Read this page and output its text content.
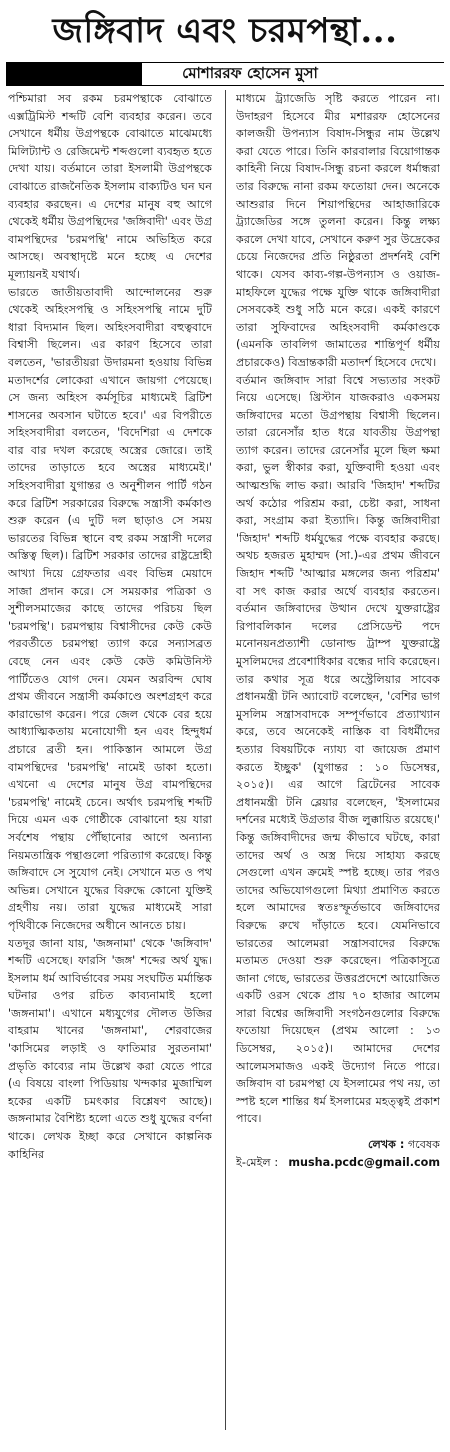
জঙ্গিবাদ এবং চরমপন্থা...
মোশাররফ হোসেন মুসা

পশ্চিমারা সব রকম চরমপন্থাকে বোঝাতে এক্সট্রিমিস্ট শব্দটি বেশি ব্যবহার করেন। তবে সেখানে ধর্মীয় উগ্রপন্থকে বোঝাতে মাঝেমধ্যে মিলিট্যান্ট ও রেজিমেন্ট শব্দগুলো ব্যবহৃত হতে দেখা যায়। বর্তমানে তারা ইসলামী উগ্রপন্থকে বোঝাতে রাজনৈতিক ইসলাম বাক্যটিও ঘন ঘন ব্যবহার করছেন। এ দেশের মানুষ বহু আগে থেকেই ধর্মীয় উগ্রপন্থিদের 'জঙ্গিবাদী' এবং উগ্র বামপন্থিদের 'চরমপন্থি' নামে অভিহিত করে আসছে। অবস্থাদৃষ্টে মনে হচ্ছে এ দেশের মূল্যায়নই যথার্থ।

ভারতে জাতীয়তাবাদী আন্দোলনের শুরু থেকেই অহিংসপন্থি ও সহিংসপন্থি নামে দুটি ধারা বিদ্যমান ছিল। অহিংসবাদীরা বহুত্ববাদে বিশ্বাসী ছিলেন। এর কারণ হিসেবে তারা বলতেন, 'ভারতীয়রা উদারমনা হওয়ায় বিভিন্ন মতাদর্শের লোকেরা এখানে জায়গা পেয়েছে। সে জন্য অহিংস কর্মসূচির মাধ্যমেই ব্রিটিশ শাসনের অবসান ঘটাতে হবে।' এর বিপরীতে সহিংসবাদীরা বলতেন, 'বিদেশিরা এ দেশকে বার বার দখল করেছে অস্ত্রের জোরে। তাই তাদের তাড়াতে হবে অস্ত্রের মাধ্যমেই।' সহিংসবাদীরা যুগান্তর ও অনুশীলন পার্টি গঠন করে ব্রিটিশ সরকারের বিরুদ্ধে সন্ত্রাসী কর্মকাণ্ড শুরু করেন (এ দুটি দল ছাড়াও সে সময় ভারতের বিভিন্ন স্থানে বহু রকম সন্ত্রাসী দলের অস্তিত্ব ছিল)। ব্রিটিশ সরকার তাদের রাষ্ট্রদ্রোহী আখ্যা দিয়ে গ্রেফতার এবং বিভিন্ন মেয়াদে সাজা প্রদান করে। সে সময়কার পত্রিকা ও সুশীলসমাজের কাছে তাদের পরিচয় ছিল 'চরমপন্থি'। চরমপন্থায় বিশ্বাসীদের কেউ কেউ পরবর্তীতে চরমপন্থা ত্যাগ করে সন্যাসব্রত বেছে নেন এবং কেউ কেউ কমিউনিস্ট পার্টিতেও যোগ দেন। যেমন অরবিন্দ ঘোষ প্রথম জীবনে সন্ত্রাসী কর্মকাণ্ডে অংশগ্রহণ করে কারাভোগ করেন। পরে জেল থেকে বের হয়ে আধ্যাত্মিকতায় মনোযোগী হন এবং হিন্দুধর্ম প্রচারে ব্রতী হন। পাকিস্তান আমলে উগ্র বামপন্থিদের 'চরমপন্থি' নামেই ডাকা হতো। এখনো এ দেশের মানুষ উগ্র বামপন্থিদের 'চরমপন্থি' নামেই চেনে। অর্থাৎ চরমপন্থি শব্দটি দিয়ে এমন এক গোষ্ঠীকে বোঝানো হয় যারা সর্বশেষ পন্থায় পৌঁছানোর আগে অন্যান্য নিয়মতান্ত্রিক পন্থাগুলো পরিত্যাগ করেছে। কিন্তু জঙ্গিবাদে সে সুযোগ নেই। সেখানে মত ও পথ অভিন্ন। সেখানে যুদ্ধের বিরুদ্ধে কোনো যুক্তিই গ্রহণীয় নয়। তারা যুদ্ধের মাধ্যমেই সারা পৃথিবীকে নিজেদের অধীনে আনতে চায়।

যতদূর জানা যায়, 'জঙ্গনামা' থেকে 'জঙ্গিবাদ' শব্দটি এসেছে। ফারসি 'জঙ্গ' শব্দের অর্থ যুদ্ধ। ইসলাম ধর্ম আবির্ভাবের সময় সংঘটিত মর্মান্তিক ঘটনার ওপর রচিত কাব্যনামাই হলো 'জঙ্গনামা'। এখানে মধ্যযুগের দৌলত উজির বাহরাম খানের 'জঙ্গনামা', শেরবাজের 'কাসিমের লড়াই ও ফাতিমার সুরতনামা' প্রভৃতি কাব্যের নাম উল্লেখ করা যেতে পারে (এ বিষয়ে বাংলা পিডিয়ায় খন্দকার মুজাম্মিল হকের একটি চমৎকার বিশ্লেষণ আছে)। জঙ্গনামার বৈশিষ্ট্য হলো এতে শুধু যুদ্ধের বর্ণনা থাকে। লেখক ইচ্ছা করে সেখানে কাল্পনিক কাহিনির

মাধ্যমে ট্র্যাজেডি সৃষ্টি করতে পারেন না। উদাহরণ হিসেবে মীর মশাররফ হোসেনের কালজয়ী উপন্যাস বিষাদ-সিন্ধুর নাম উল্লেখ করা যেতে পারে। তিনি কারবালার বিয়োগান্তক কাহিনী নিয়ে বিষাদ-সিন্ধু রচনা করলে ধর্মান্ধরা তার বিরুদ্ধে নানা রকম ফতোয়া দেন। অনেকে আশুরার দিনে শিয়াপন্থিদের আহাজারিকে ট্র্যাজেডির সঙ্গে তুলনা করেন। কিন্তু লক্ষ্য করলে দেখা যাবে, সেখানে করুণ সুর উদ্রেকের চেয়ে নিজেদের প্রতি নিষ্ঠুরতা প্রদর্শনই বেশি থাকে। যেসব কাব্য-গল্প-উপন্যাস ও ওয়াজ-মাহফিলে যুদ্ধের পক্ষে যুক্তি থাকে জঙ্গিবাদীরা সেসবকেই শুধু সঠি মনে করে। একই কারণে তারা সুফিবাদের অহিংসবাদী কর্মকাণ্ডকে (এমনকি তাবলিগ জামাতের শান্তিপূর্ণ ধর্মীয় প্রচারকেও) বিভ্রান্তকারী মতাদর্শ হিসেবে দেখে।

বর্তমান জঙ্গিবাদ সারা বিশ্বে সভ্যতার সংকট নিয়ে এসেছে। খ্রিস্টান যাজকরাও একসময় জঙ্গিবাদের মতো উগ্রপন্থায় বিশ্বাসী ছিলেন। তারা রেনেসাঁর হাত ধরে যাবতীয় উগ্রপন্থা ত্যাগ করেন। তাদের রেনেসাঁর মূলে ছিল ক্ষমা করা, ভুল স্বীকার করা, যুক্তিবাদী হওয়া এবং আত্মশুদ্ধি লাভ করা। আরবি 'জিহাদ' শব্দটির অর্থ কঠোর পরিশ্রম করা, চেষ্টা করা, সাধনা করা, সংগ্রাম করা ইত্যাদি। কিন্তু জঙ্গিবাদীরা 'জিহাদ' শব্দটি ধর্মযুদ্ধের পক্ষে ব্যবহার করছে। অথচ হজরত মুহাম্মদ (সা.)-এর প্রথম জীবনে জিহাদ শব্দটি 'আত্মার মঙ্গলের জন্য পরিশ্রম' বা সৎ কাজ করার অর্থে ব্যবহার করতেন। বর্তমান জঙ্গিবাদের উত্থান দেখে যুক্তরাষ্ট্রের রিপাবলিকান দলের প্রেসিডেন্ট পদে মনোনয়নপ্রত্যাশী ডোনাল্ড ট্রাম্প যুক্তরাষ্ট্রে মুসলিমদের প্রবেশাধিকার বন্ধের দাবি করেছেন। তার কথার সূত্র ধরে অস্ট্রেলিয়ার সাবেক প্রধানমন্ত্রী টনি অ্যাবোট বলেছেন, 'বেশির ভাগ মুসলিম সন্ত্রাসবাদকে সম্পূর্ণভাবে প্রত্যাখ্যান করে, তবে অনেকেই নাস্তিক বা বিধর্মীদের হত্যার বিষয়টিকে ন্যায্য বা জায়েজ প্রমাণ করতে ইচ্ছুক' (যুগান্তর : ১০ ডিসেম্বর, ২০১৫)। এর আগে ব্রিটেনের সাবেক প্রধানমন্ত্রী টনি ব্লেয়ার বলেছেন, 'ইসলামের দর্শনের মধ্যেই উগ্রতার বীজ লুক্কায়িত রয়েছে।' কিন্তু জঙ্গিবাদীদের জন্ম কীভাবে ঘটছে, কারা তাদের অর্থ ও অস্ত্র দিয়ে সাহায্য করছে সেগুলো এখন ক্রমেই স্পষ্ট হচ্ছে। তার পরও তাদের অভিযোগগুলো মিথ্যা প্রমাণিত করতে হলে আমাদের স্বতঃস্ফূর্তভাবে জঙ্গিবাদের বিরুদ্ধে রুখে দাঁড়াতে হবে। যেমনিভাবে ভারতের আলেমরা সন্ত্রাসবাদের বিরুদ্ধে মতামত দেওয়া শুরু করেছেন। পত্রিকাসূত্রে জানা গেছে, ভারতের উত্তরপ্রদেশে আয়োজিত একটি ওরস থেকে প্রায় ৭০ হাজার আলেম সারা বিশ্বের জঙ্গিবাদী সংগঠনগুলোর বিরুদ্ধে ফতোয়া দিয়েছেন (প্রথম আলো : ১৩ ডিসেম্বর, ২০১৫)। আমাদের দেশের আলেমসমাজও একই উদ্যোগ নিতে পারে। জঙ্গিবাদ বা চরমপন্থা যে ইসলামের পথ নয়, তা স্পষ্ট হলে শান্তির ধর্ম ইসলামের মহত্ত্বই প্রকাশ পাবে।

লেখক : গবেষক
ই-মেইল : musha.pcdc@gmail.com
